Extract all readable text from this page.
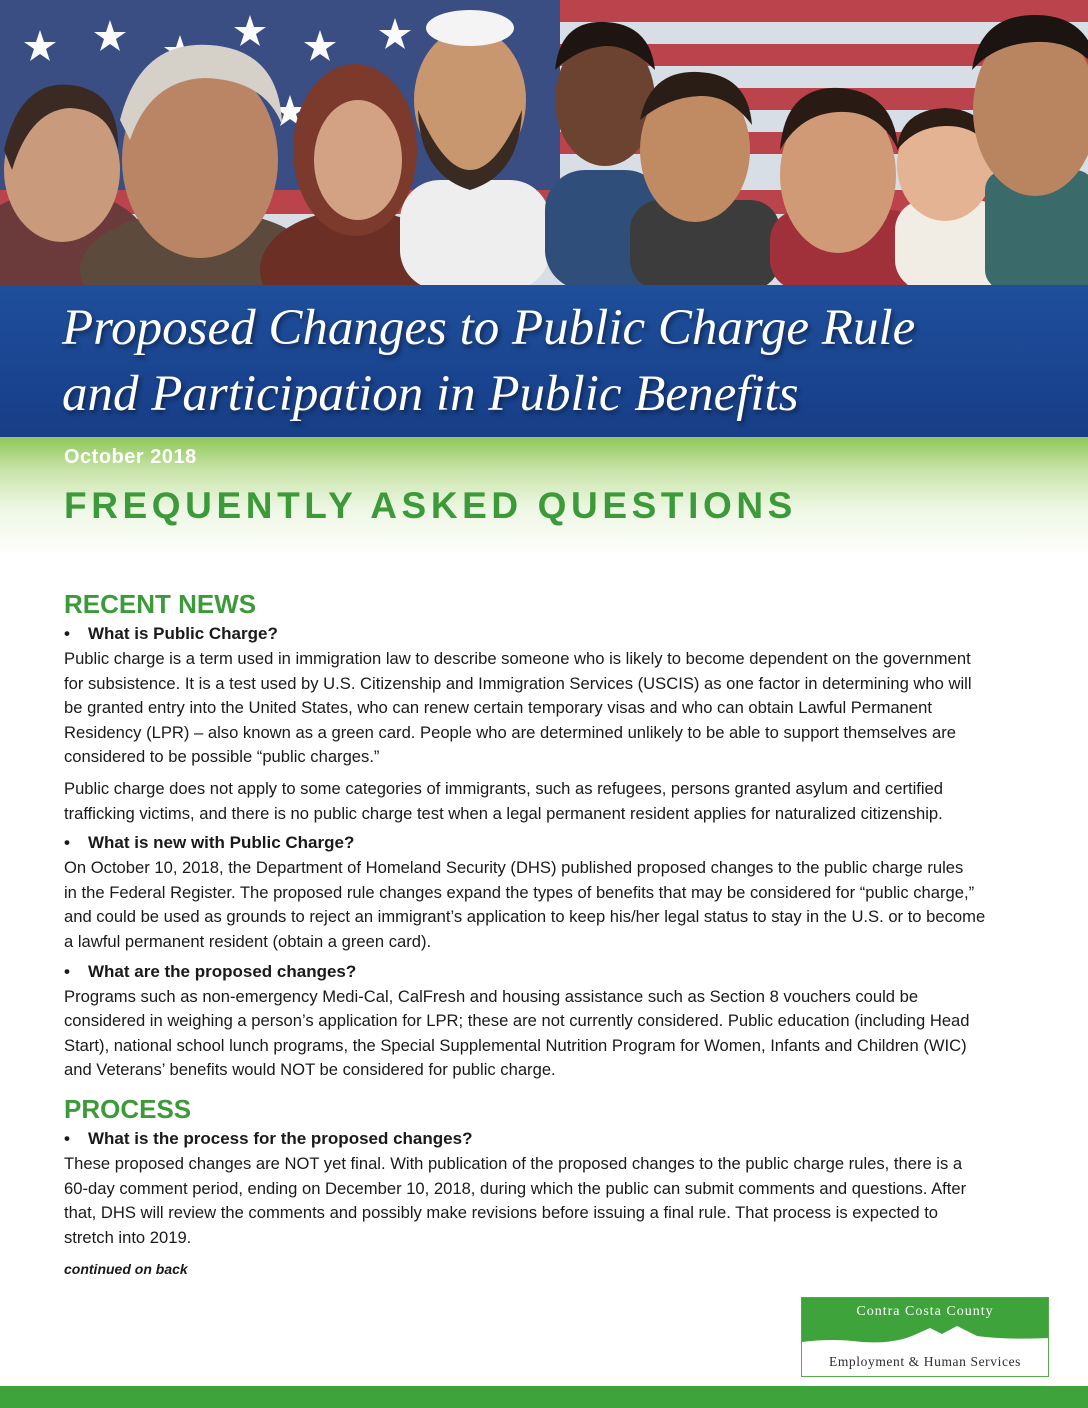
Proposed Changes to Public Charge Rule
and Participation in Public Benefits
October 2018
FREQUENTLY ASKED QUESTIONS
RECENT NEWS
• What is Public Charge?
Public charge is a term used in immigration law to describe someone who is likely to become dependent on the government
for subsistence. It is a test used by U.S. Citizenship and Immigration Services (USCIS) as one factor in determining who will
be granted entry into the United States, who can renew certain temporary visas and who can obtain Lawful Permanent
Residency (LPR) – also known as a green card. People who are determined unlikely to be able to support themselves are
considered to be possible “public charges.”
Public charge does not apply to some categories of immigrants, such as refugees, persons granted asylum and certified
trafficking victims, and there is no public charge test when a legal permanent resident applies for naturalized citizenship.
• What is new with Public Charge?
On October 10, 2018, the Department of Homeland Security (DHS) published proposed changes to the public charge rules
in the Federal Register. The proposed rule changes expand the types of benefits that may be considered for “public charge,”
and could be used as grounds to reject an immigrant’s application to keep his/her legal status to stay in the U.S. or to become
a lawful permanent resident (obtain a green card).
• What are the proposed changes?
Programs such as non-emergency Medi-Cal, CalFresh and housing assistance such as Section 8 vouchers could be
considered in weighing a person’s application for LPR; these are not currently considered. Public education (including Head
Start), national school lunch programs, the Special Supplemental Nutrition Program for Women, Infants and Children (WIC)
and Veterans’ benefits would NOT be considered for public charge.
PROCESS
• What is the process for the proposed changes?
These proposed changes are NOT yet final. With publication of the proposed changes to the public charge rules, there is a
60-day comment period, ending on December 10, 2018, during which the public can submit comments and questions. After
that, DHS will review the comments and possibly make revisions before issuing a final rule. That process is expected to
stretch into 2019.
continued on back
Contra Costa County
Employment & Human Services
